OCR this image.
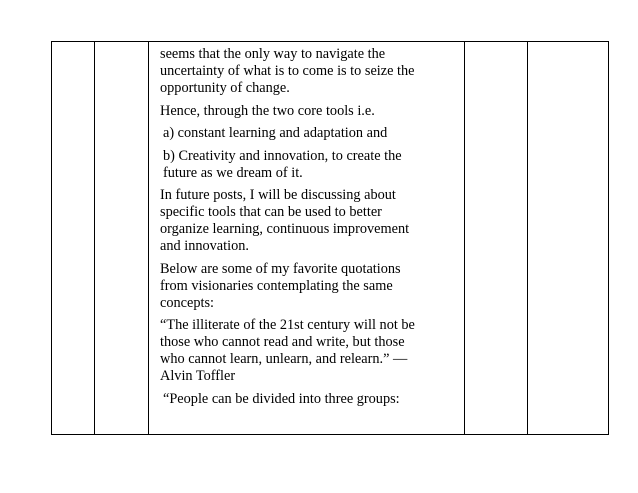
seems that the only way to navigate the
uncertainty of what is to come is to seize the
opportunity of change.
Hence, through the two core tools i.e.
a) constant learning and adaptation and
b) Creativity and innovation, to create the
future as we dream of it.
In future posts, I will be discussing about
specific tools that can be used to better
organize learning, continuous improvement
and innovation.
Below are some of my favorite quotations
from visionaries contemplating the same
concepts:
“The illiterate of the 21st century will not be
those who cannot read and write, but those
who cannot learn, unlearn, and relearn.” —
Alvin Toffler
“People can be divided into three groups:
